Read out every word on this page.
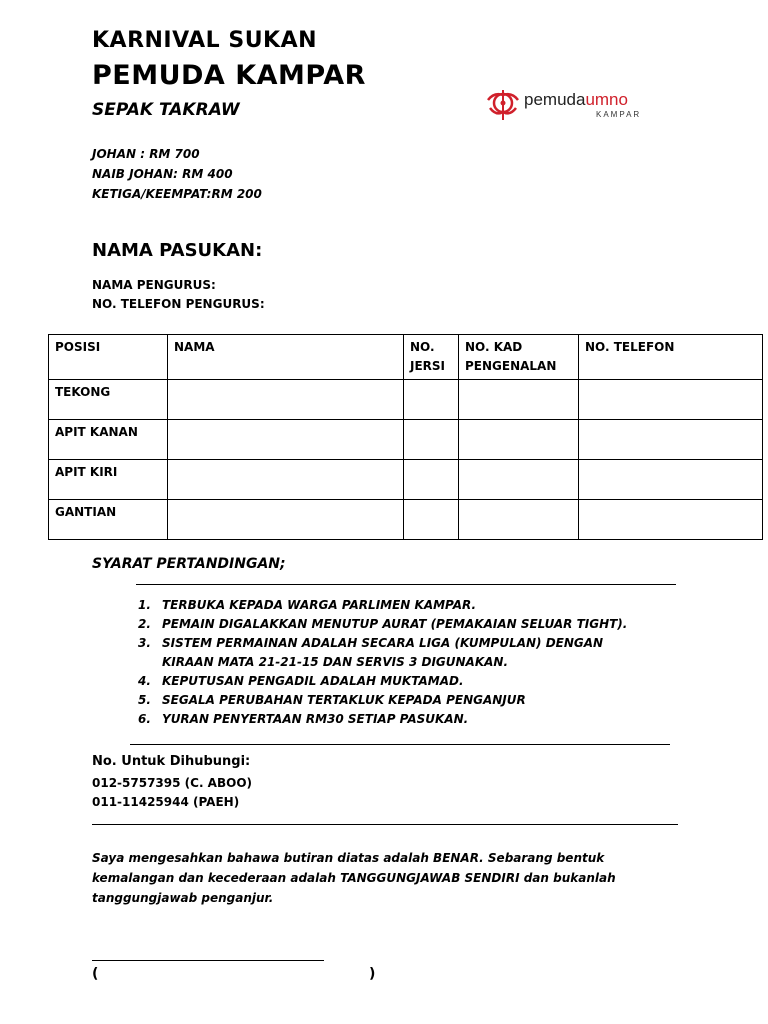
KARNIVAL SUKAN
PEMUDA KAMPAR
SEPAK TAKRAW
pemudaumno
KAMPAR
JOHAN : RM 700
NAIB JOHAN: RM 400
KETIGA/KEEMPAT:RM 200
NAMA PASUKAN:
NAMA PENGURUS:
NO. TELEFON PENGURUS:
POSISI	NAMA	NO. JERSI	NO. KAD PENGENALAN	NO. TELEFON
TEKONG				
APIT KANAN				
APIT KIRI				
GANTIAN				
SYARAT PERTANDINGAN;
1. TERBUKA KEPADA WARGA PARLIMEN KAMPAR.
2. PEMAIN DIGALAKKAN MENUTUP AURAT (PEMAKAIAN SELUAR TIGHT).
3. SISTEM PERMAINAN ADALAH SECARA LIGA (KUMPULAN) DENGAN KIRAAN MATA 21-21-15 DAN SERVIS 3 DIGUNAKAN.
4. KEPUTUSAN PENGADIL ADALAH MUKTAMAD.
5. SEGALA PERUBAHAN TERTAKLUK KEPADA PENGANJUR
6. YURAN PENYERTAAN RM30 SETIAP PASUKAN.
No. Untuk Dihubungi:
012-5757395 (C. ABOO)
011-11425944 (PAEH)
Saya mengesahkan bahawa butiran diatas adalah BENAR. Sebarang bentuk kemalangan dan kecederaan adalah TANGGUNGJAWAB SENDIRI dan bukanlah tanggungjawab penganjur.
(	)
